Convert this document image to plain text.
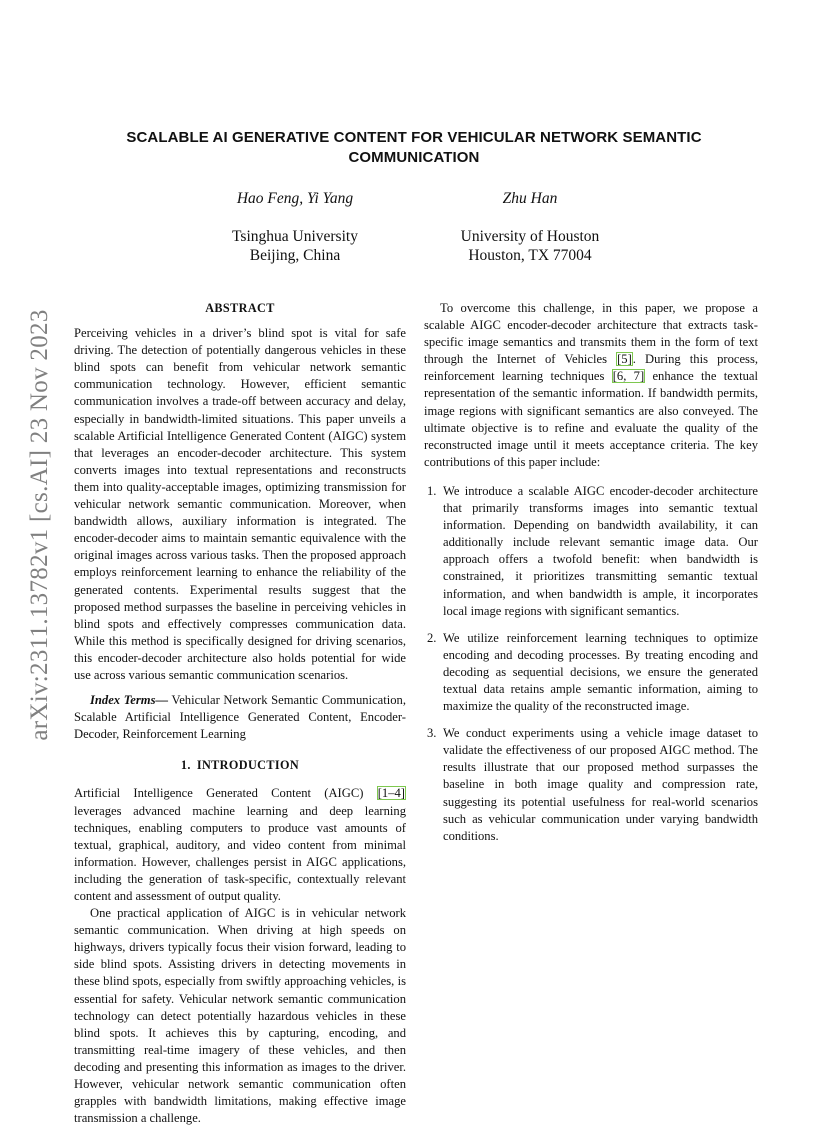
arXiv:2311.13782v1 [cs.AI] 23 Nov 2023
SCALABLE AI GENERATIVE CONTENT FOR VEHICULAR NETWORK SEMANTIC COMMUNICATION
Hao Feng, Yi Yang
Tsinghua University
Beijing, China
Zhu Han
University of Houston
Houston, TX 77004
ABSTRACT

Perceiving vehicles in a driver’s blind spot is vital for safe driving. The detection of potentially dangerous vehicles in these blind spots can benefit from vehicular network semantic communication technology. However, efficient semantic communication involves a trade-off between accuracy and delay, especially in bandwidth-limited situations. This paper unveils a scalable Artificial Intelligence Generated Content (AIGC) system that leverages an encoder-decoder architecture. This system converts images into textual representations and reconstructs them into quality-acceptable images, optimizing transmission for vehicular network semantic communication. Moreover, when bandwidth allows, auxiliary information is integrated. The encoder-decoder aims to maintain semantic equivalence with the original images across various tasks. Then the proposed approach employs reinforcement learning to enhance the reliability of the generated contents. Experimental results suggest that the proposed method surpasses the baseline in perceiving vehicles in blind spots and effectively compresses communication data. While this method is specifically designed for driving scenarios, this encoder-decoder architecture also holds potential for wide use across various semantic communication scenarios.

Index Terms— Vehicular Network Semantic Communication, Scalable Artificial Intelligence Generated Content, Encoder-Decoder, Reinforcement Learning

1. INTRODUCTION

Artificial Intelligence Generated Content (AIGC) [1–4] leverages advanced machine learning and deep learning techniques, enabling computers to produce vast amounts of textual, graphical, auditory, and video content from minimal information. However, challenges persist in AIGC applications, including the generation of task-specific, contextually relevant content and assessment of output quality.

One practical application of AIGC is in vehicular network semantic communication. When driving at high speeds on highways, drivers typically focus their vision forward, leading to side blind spots. Assisting drivers in detecting movements in these blind spots, especially from swiftly approaching vehicles, is essential for safety. Vehicular network semantic communication technology can detect potentially hazardous vehicles in these blind spots. It achieves this by capturing, encoding, and transmitting real-time imagery of these vehicles, and then decoding and presenting this information as images to the driver. However, vehicular network semantic communication often grapples with bandwidth limitations, making effective image transmission a challenge.

To overcome this challenge, in this paper, we propose a scalable AIGC encoder-decoder architecture that extracts task-specific image semantics and transmits them in the form of text through the Internet of Vehicles [5]. During this process, reinforcement learning techniques [6, 7] enhance the textual representation of the semantic information. If bandwidth permits, image regions with significant semantics are also conveyed. The ultimate objective is to refine and evaluate the quality of the reconstructed image until it meets acceptance criteria. The key contributions of this paper include:

1. We introduce a scalable AIGC encoder-decoder architecture that primarily transforms images into semantic textual information. Depending on bandwidth availability, it can additionally include relevant semantic image data. Our approach offers a twofold benefit: when bandwidth is constrained, it prioritizes transmitting semantic textual information, and when bandwidth is ample, it incorporates local image regions with significant semantics.
2. We utilize reinforcement learning techniques to optimize encoding and decoding processes. By treating encoding and decoding as sequential decisions, we ensure the generated textual data retains ample semantic information, aiming to maximize the quality of the reconstructed image.
3. We conduct experiments using a vehicle image dataset to validate the effectiveness of our proposed AIGC method. The results illustrate that our proposed method surpasses the baseline in both image quality and compression rate, suggesting its potential usefulness for real-world scenarios such as vehicular communication under varying bandwidth conditions.
